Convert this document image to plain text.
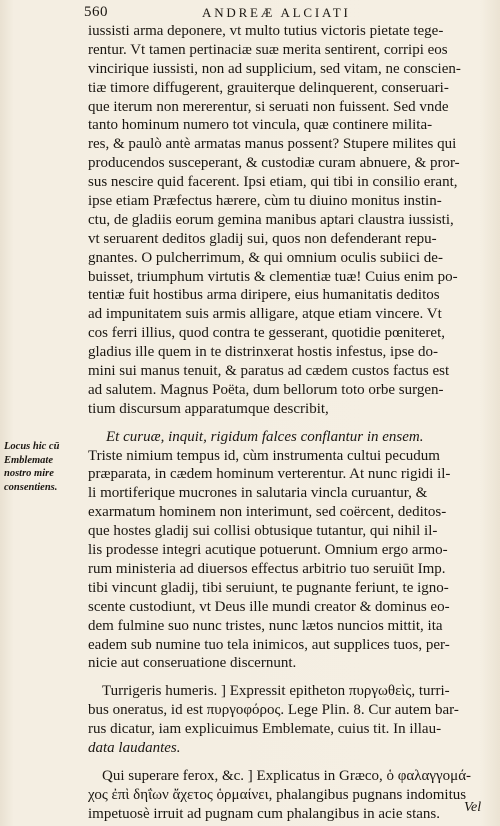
560	ANDREÆ ALCIATI
iussisti arma deponere, vt multo tutius victoris pietate tege-
rentur. Vt tamen pertinaciæ suæ merita sentirent, corripi eos
vincirique iussisti, non ad supplicium, sed vitam, ne conscien-
tiæ timore diffugerent, grauiterque delinquerent, conseruari-
que iterum non mererentur, si seruati non fuissent. Sed vnde
tanto hominum numero tot vincula, quæ continere milita-
res, & paulò antè armatas manus possent? Stupere milites qui
producendos susceperant, & custodiæ curam abnuere, & pror-
sus nescire quid facerent. Ipsi etiam, qui tibi in consilio erant,
ipse etiam Præfectus hærere, cùm tu diuino monitus instin-
ctu, de gladiis eorum gemina manibus aptari claustra iussisti,
vt seruarent deditos gladij sui, quos non defenderant repu-
gnantes. O pulcherrimum, & qui omnium oculis subiici de-
buisset, triumphum virtutis & clementiæ tuæ! Cuius enim po-
tentiæ fuit hostibus arma diripere, eius humanitatis deditos
ad impunitatem suis armis alligare, atque etiam vincere. Vt
cos ferri illius, quod contra te gesserant, quotidie pœniteret,
gladius ille quem in te distrinxerat hostis infestus, ipse do-
mini sui manus tenuit, & paratus ad cædem custos factus est
ad salutem. Magnus Poëta, dum bellorum toto orbe surgen-
tium discursum apparatumque describit,
Et curuæ, inquit, rigidum falces conflantur in ensem.
Triste nimium tempus id, cùm instrumenta cultui pecudum
præparata, in cædem hominum verterentur. At nunc rigidi il-
li mortiferique mucrones in salutaria vincla curuantur, &
exarmatum hominem non interimunt, sed coërcent, deditos-
que hostes gladij sui collisi obtusique tutantur, qui nihil il-
lis prodesse integri acutique potuerunt. Omnium ergo armo-
rum ministeria ad diuersos effectus arbitrio tuo seruiūt Imp.
tibi vincunt gladij, tibi seruiunt, te pugnante feriunt, te igno-
scente custodiunt, vt Deus ille mundi creator & dominus eo-
dem fulmine suo nunc tristes, nunc lætos nuncios mittit, ita
eadem sub numine tuo tela inimicos, aut supplices tuos, per-
nicie aut conseruatione discernunt.
Turrigeris humeris. ] Expressit epitheton πυργωθεὶς, turri-
bus oneratus, id est πυργοφόρος. Lege Plin. 8. Cur autem bar-
rus dicatur, iam explicuimus Emblemate, cuius tit. In illau-
data laudantes.
Qui superare ferox, &c. ] Explicatus in Græco, ὁ φαλαγγομά-
χος ἐπὶ δηΐων ἄχετος ὁρμαίνει, phalangibus pugnans indomitus
impetuosè irruit ad pugnam cum phalangibus in acie stans.
Locus hic cū
Emblemate
nostro mire
consentiens.
Vel
